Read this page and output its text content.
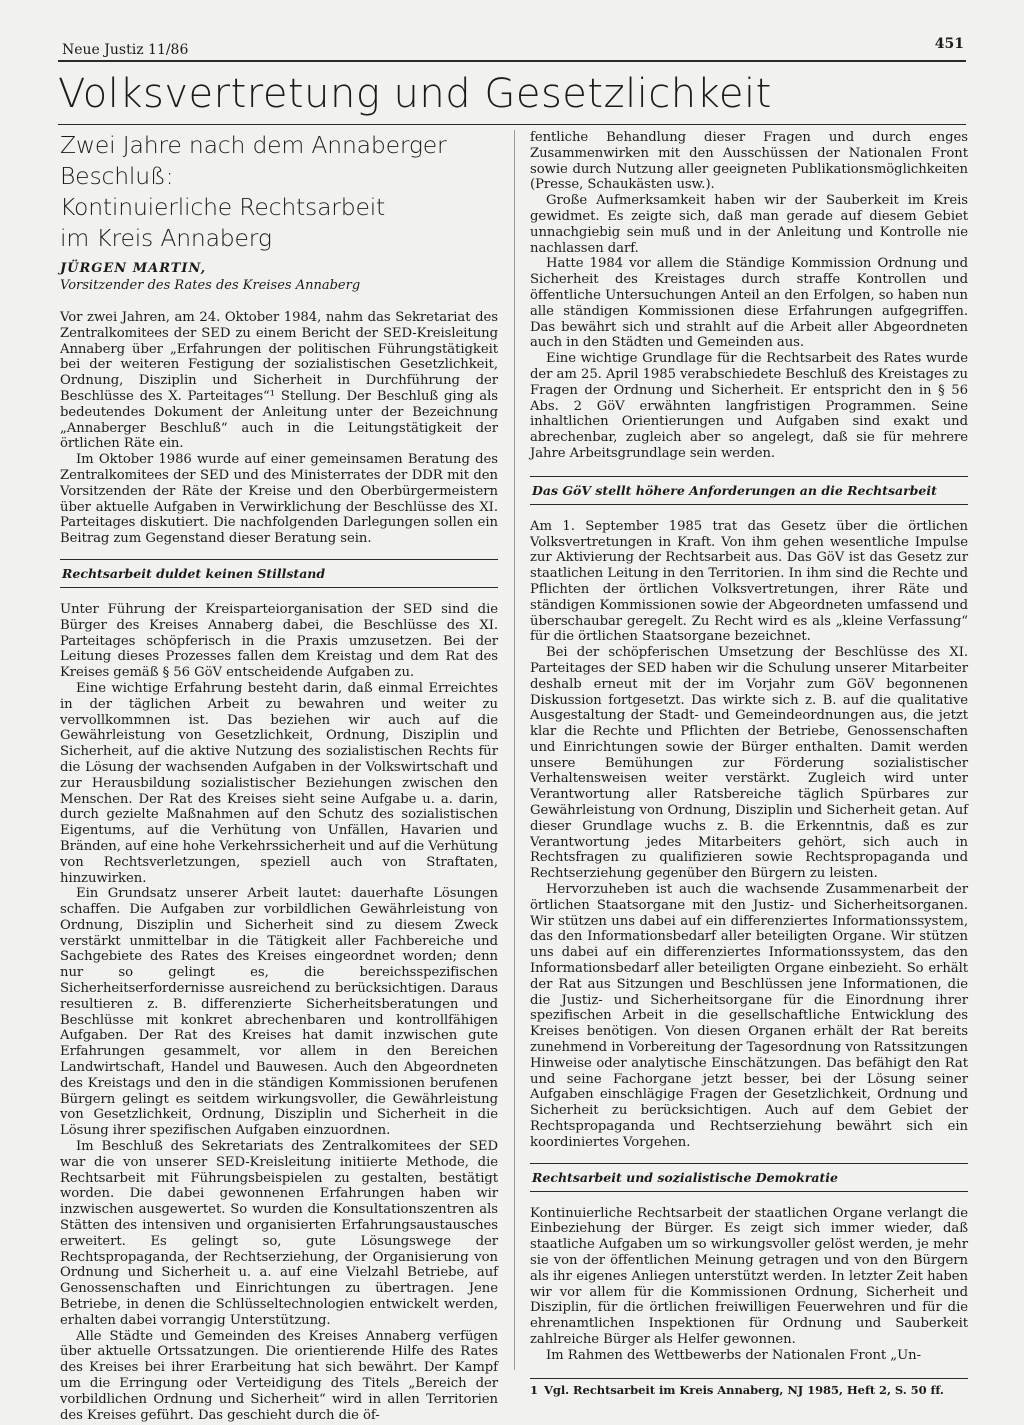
Neue Justiz 11/86	451
Volksvertretung und Gesetzlichkeit
Zwei Jahre nach dem Annaberger Beschluß:
Kontinuierliche Rechtsarbeit
im Kreis Annaberg
JÜRGEN MARTIN,
Vorsitzender des Rates des Kreises Annaberg

Vor zwei Jahren, am 24. Oktober 1984, nahm das Sekretariat des Zentralkomitees der SED zu einem Bericht der SED-Kreisleitung Annaberg über „Erfahrungen der politischen Führungstätigkeit bei der weiteren Festigung der sozialistischen Gesetzlichkeit, Ordnung, Disziplin und Sicherheit in Durchführung der Beschlüsse des X. Parteitages“¹ Stellung. Der Beschluß ging als bedeutendes Dokument der Anleitung unter der Bezeichnung „Annaberger Beschluß“ auch in die Leitungstätigkeit der örtlichen Räte ein.

Im Oktober 1986 wurde auf einer gemeinsamen Beratung des Zentralkomitees der SED und des Ministerrates der DDR mit den Vorsitzenden der Räte der Kreise und den Oberbürgermeistern über aktuelle Aufgaben in Verwirklichung der Beschlüsse des XI. Parteitages diskutiert. Die nachfolgenden Darlegungen sollen ein Beitrag zum Gegenstand dieser Beratung sein.

Rechtsarbeit duldet keinen Stillstand

Unter Führung der Kreisparteiorganisation der SED sind die Bürger des Kreises Annaberg dabei, die Beschlüsse des XI. Parteitages schöpferisch in die Praxis umzusetzen. Bei der Leitung dieses Prozesses fallen dem Kreistag und dem Rat des Kreises gemäß § 56 GöV entscheidende Aufgaben zu.

Eine wichtige Erfahrung besteht darin, daß einmal Erreichtes in der täglichen Arbeit zu bewahren und weiter zu vervollkommnen ist. Das beziehen wir auch auf die Gewährleistung von Gesetzlichkeit, Ordnung, Disziplin und Sicherheit, auf die aktive Nutzung des sozialistischen Rechts für die Lösung der wachsenden Aufgaben in der Volkswirtschaft und zur Herausbildung sozialistischer Beziehungen zwischen den Menschen. Der Rat des Kreises sieht seine Aufgabe u. a. darin, durch gezielte Maßnahmen auf den Schutz des sozialistischen Eigentums, auf die Verhütung von Unfällen, Havarien und Bränden, auf eine hohe Verkehrssicherheit und auf die Verhütung von Rechtsverletzungen, speziell auch von Straftaten, hinzuwirken.

Ein Grundsatz unserer Arbeit lautet: dauerhafte Lösungen schaffen. Die Aufgaben zur vorbildlichen Gewährleistung von Ordnung, Disziplin und Sicherheit sind zu diesem Zweck verstärkt unmittelbar in die Tätigkeit aller Fachbereiche und Sachgebiete des Rates des Kreises eingeordnet worden; denn nur so gelingt es, die bereichsspezifischen Sicherheitserfordernisse ausreichend zu berücksichtigen. Daraus resultieren z. B. differenzierte Sicherheitsberatungen und Beschlüsse mit konkret abrechenbaren und kontrollfähigen Aufgaben. Der Rat des Kreises hat damit inzwischen gute Erfahrungen gesammelt, vor allem in den Bereichen Landwirtschaft, Handel und Bauwesen. Auch den Abgeordneten des Kreistags und den in die ständigen Kommissionen berufenen Bürgern gelingt es seitdem wirkungsvoller, die Gewährleistung von Gesetzlichkeit, Ordnung, Disziplin und Sicherheit in die Lösung ihrer spezifischen Aufgaben einzuordnen.

Im Beschluß des Sekretariats des Zentralkomitees der SED war die von unserer SED-Kreisleitung initiierte Methode, die Rechtsarbeit mit Führungsbeispielen zu gestalten, bestätigt worden. Die dabei gewonnenen Erfahrungen haben wir inzwischen ausgewertet. So wurden die Konsultationszentren als Stätten des intensiven und organisierten Erfahrungsaustausches erweitert. Es gelingt so, gute Lösungswege der Rechtspropaganda, der Rechtserziehung, der Organisierung von Ordnung und Sicherheit u. a. auf eine Vielzahl Betriebe, auf Genossenschaften und Einrichtungen zu übertragen. Jene Betriebe, in denen die Schlüsseltechnologien entwickelt werden, erhalten dabei vorrangig Unterstützung.

Alle Städte und Gemeinden des Kreises Annaberg verfügen über aktuelle Ortssatzungen. Die orientierende Hilfe des Rates des Kreises bei ihrer Erarbeitung hat sich bewährt. Der Kampf um die Erringung oder Verteidigung des Titels „Bereich der vorbildlichen Ordnung und Sicherheit“ wird in allen Territorien des Kreises geführt. Das geschieht durch die öf-

fentliche Behandlung dieser Fragen und durch enges Zusammenwirken mit den Ausschüssen der Nationalen Front sowie durch Nutzung aller geeigneten Publikationsmöglichkeiten (Presse, Schaukästen usw.).

Große Aufmerksamkeit haben wir der Sauberkeit im Kreis gewidmet. Es zeigte sich, daß man gerade auf diesem Gebiet unnachgiebig sein muß und in der Anleitung und Kontrolle nie nachlassen darf.

Hatte 1984 vor allem die Ständige Kommission Ordnung und Sicherheit des Kreistages durch straffe Kontrollen und öffentliche Untersuchungen Anteil an den Erfolgen, so haben nun alle ständigen Kommissionen diese Erfahrungen aufgegriffen. Das bewährt sich und strahlt auf die Arbeit aller Abgeordneten auch in den Städten und Gemeinden aus.

Eine wichtige Grundlage für die Rechtsarbeit des Rates wurde der am 25. April 1985 verabschiedete Beschluß des Kreistages zu Fragen der Ordnung und Sicherheit. Er entspricht den in § 56 Abs. 2 GöV erwähnten langfristigen Programmen. Seine inhaltlichen Orientierungen und Aufgaben sind exakt und abrechenbar, zugleich aber so angelegt, daß sie für mehrere Jahre Arbeitsgrundlage sein werden.

Das GöV stellt höhere Anforderungen an die Rechtsarbeit

Am 1. September 1985 trat das Gesetz über die örtlichen Volksvertretungen in Kraft. Von ihm gehen wesentliche Impulse zur Aktivierung der Rechtsarbeit aus. Das GöV ist das Gesetz zur staatlichen Leitung in den Territorien. In ihm sind die Rechte und Pflichten der örtlichen Volksvertretungen, ihrer Räte und ständigen Kommissionen sowie der Abgeordneten umfassend und überschaubar geregelt. Zu Recht wird es als „kleine Verfassung“ für die örtlichen Staatsorgane bezeichnet.

Bei der schöpferischen Umsetzung der Beschlüsse des XI. Parteitages der SED haben wir die Schulung unserer Mitarbeiter deshalb erneut mit der im Vorjahr zum GöV begonnenen Diskussion fortgesetzt. Das wirkte sich z. B. auf die qualitative Ausgestaltung der Stadt- und Gemeindeordnungen aus, die jetzt klar die Rechte und Pflichten der Betriebe, Genossenschaften und Einrichtungen sowie der Bürger enthalten. Damit werden unsere Bemühungen zur Förderung sozialistischer Verhaltensweisen weiter verstärkt. Zugleich wird unter Verantwortung aller Ratsbereiche täglich Spürbares zur Gewährleistung von Ordnung, Disziplin und Sicherheit getan. Auf dieser Grundlage wuchs z. B. die Erkenntnis, daß es zur Verantwortung jedes Mitarbeiters gehört, sich auch in Rechtsfragen zu qualifizieren sowie Rechtspropaganda und Rechtserziehung gegenüber den Bürgern zu leisten.

Hervorzuheben ist auch die wachsende Zusammenarbeit der örtlichen Staatsorgane mit den Justiz- und Sicherheitsorganen. Wir stützen uns dabei auf ein differenziertes Informationssystem, das den Informationsbedarf aller beteiligten Organe. Wir stützen uns dabei auf ein differenziertes Informationssystem, das den Informationsbedarf aller beteiligten Organe einbezieht. So erhält der Rat aus Sitzungen und Beschlüssen jene Informationen, die die Justiz- und Sicherheitsorgane für die Einordnung ihrer spezifischen Arbeit in die gesellschaftliche Entwicklung des Kreises benötigen. Von diesen Organen erhält der Rat bereits zunehmend in Vorbereitung der Tagesordnung von Ratssitzungen Hinweise oder analytische Einschätzungen. Das befähigt den Rat und seine Fachorgane jetzt besser, bei der Lösung seiner Aufgaben einschlägige Fragen der Gesetzlichkeit, Ordnung und Sicherheit zu berücksichtigen. Auch auf dem Gebiet der Rechtspropaganda und Rechtserziehung bewährt sich ein koordiniertes Vorgehen.

Rechtsarbeit und sozialistische Demokratie

Kontinuierliche Rechtsarbeit der staatlichen Organe verlangt die Einbeziehung der Bürger. Es zeigt sich immer wieder, daß staatliche Aufgaben um so wirkungsvoller gelöst werden, je mehr sie von der öffentlichen Meinung getragen und von den Bürgern als ihr eigenes Anliegen unterstützt werden. In letzter Zeit haben wir vor allem für die Kommissionen Ordnung, Sicherheit und Disziplin, für die örtlichen freiwilligen Feuerwehren und für die ehrenamtlichen Inspektionen für Ordnung und Sauberkeit zahlreiche Bürger als Helfer gewonnen.

Im Rahmen des Wettbewerbs der Nationalen Front „Un-

1 Vgl. Rechtsarbeit im Kreis Annaberg, NJ 1985, Heft 2, S. 50 ff.
